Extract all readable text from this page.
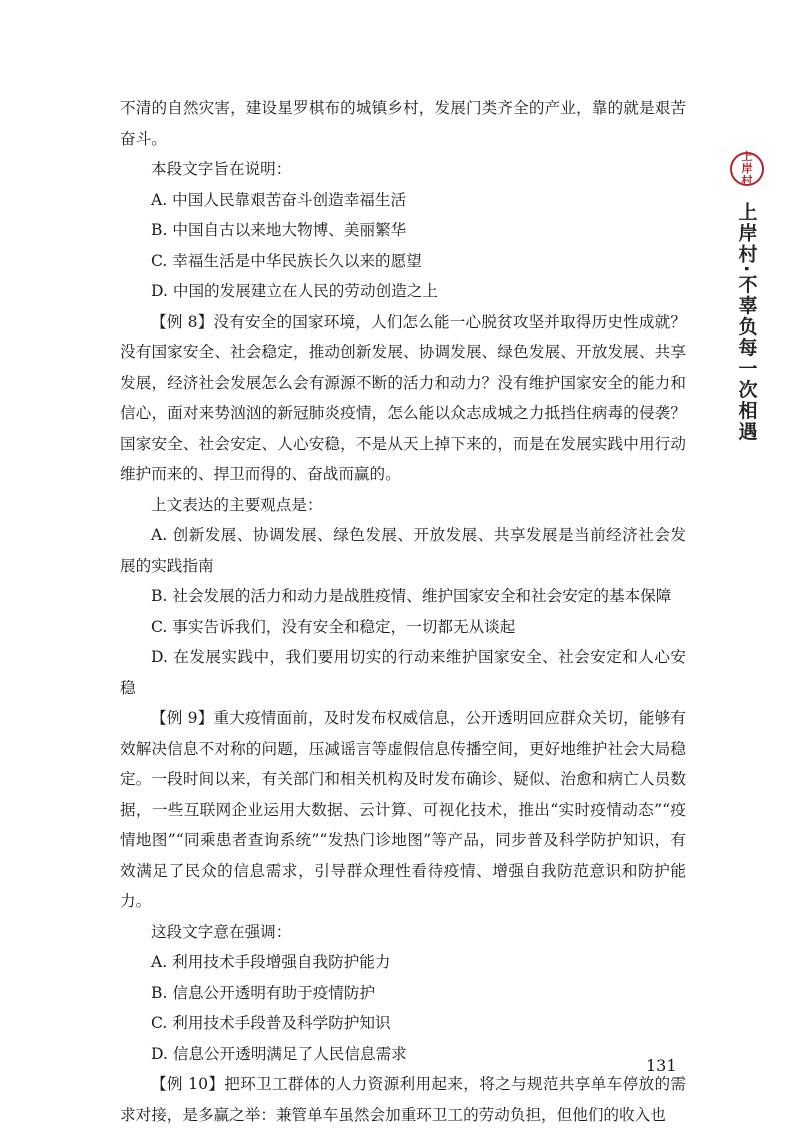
不清的自然灾害，建设星罗棋布的城镇乡村，发展门类齐全的产业，靠的就是艰苦奋斗。

本段文字旨在说明：

A. 中国人民靠艰苦奋斗创造幸福生活

B. 中国自古以来地大物博、美丽繁华

C. 幸福生活是中华民族长久以来的愿望

D. 中国的发展建立在人民的劳动创造之上

【例 8】没有安全的国家环境，人们怎么能一心脱贫攻坚并取得历史性成就？没有国家安全、社会稳定，推动创新发展、协调发展、绿色发展、开放发展、共享发展，经济社会发展怎么会有源源不断的活力和动力？没有维护国家安全的能力和信心，面对来势汹汹的新冠肺炎疫情，怎么能以众志成城之力抵挡住病毒的侵袭？国家安全、社会安定、人心安稳，不是从天上掉下来的，而是在发展实践中用行动维护而来的、捍卫而得的、奋战而赢的。

上文表达的主要观点是：

A. 创新发展、协调发展、绿色发展、开放发展、共享发展是当前经济社会发展的实践指南

B. 社会发展的活力和动力是战胜疫情、维护国家安全和社会安定的基本保障

C. 事实告诉我们，没有安全和稳定，一切都无从谈起

D. 在发展实践中，我们要用切实的行动来维护国家安全、社会安定和人心安稳

【例 9】重大疫情面前，及时发布权威信息，公开透明回应群众关切，能够有效解决信息不对称的问题，压减谣言等虚假信息传播空间，更好地维护社会大局稳定。一段时间以来，有关部门和相关机构及时发布确诊、疑似、治愈和病亡人员数据，一些互联网企业运用大数据、云计算、可视化技术，推出“实时疫情动态”“疫情地图”“同乘患者查询系统”“发热门诊地图”等产品，同步普及科学防护知识，有效满足了民众的信息需求，引导群众理性看待疫情、增强自我防范意识和防护能力。

这段文字意在强调：

A. 利用技术手段增强自我防护能力

B. 信息公开透明有助于疫情防护

C. 利用技术手段普及科学防护知识

D. 信息公开透明满足了人民信息需求

【例 10】把环卫工群体的人力资源利用起来，将之与规范共享单车停放的需求对接，是多赢之举：兼管单车虽然会加重环卫工的劳动负担，但他们的收入也

上岸村
上岸村·不辜负每一次相遇
131
